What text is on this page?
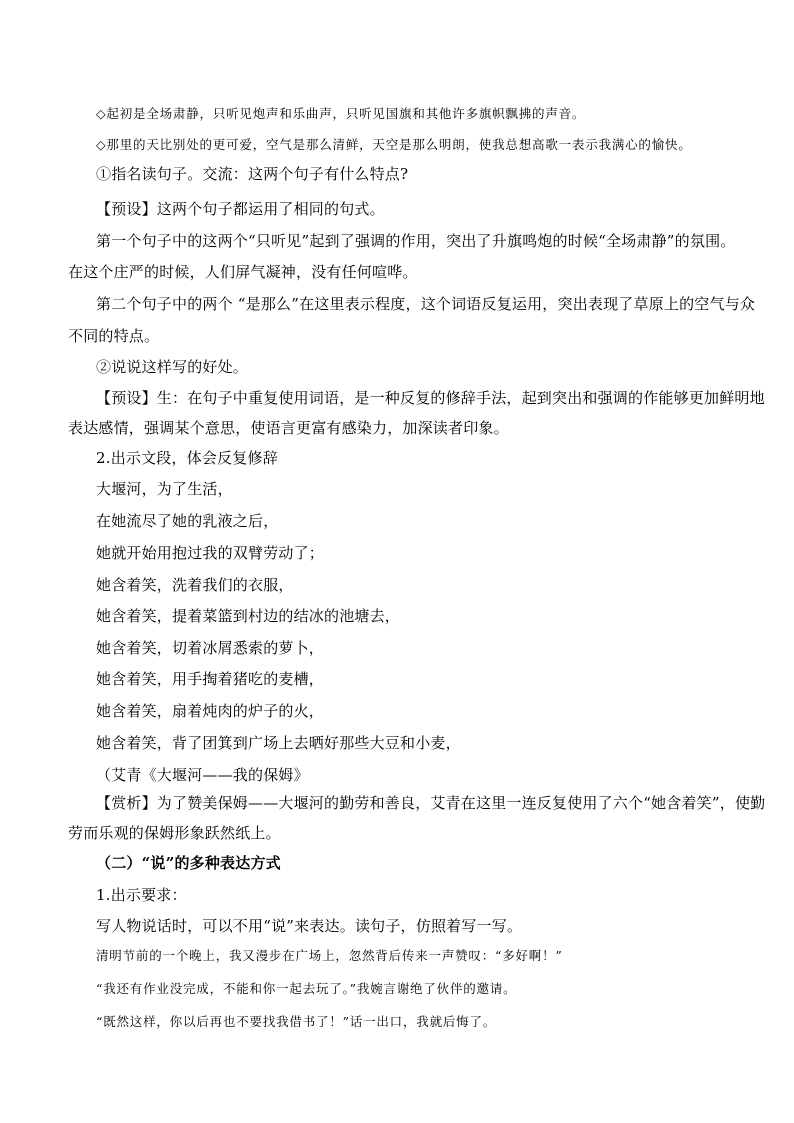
◇起初是全场肃静，只听见炮声和乐曲声，只听见国旗和其他许多旗帜飘拂的声音。
◇那里的天比别处的更可爱，空气是那么清鲜，天空是那么明朗，使我总想高歌一表示我满心的愉快。
①指名读句子。交流：这两个句子有什么特点?
【预设】这两个句子都运用了相同的句式。
第一个句子中的这两个“只听见”起到了强调的作用，突出了升旗鸣炮的时候“全场肃静”的氛围。
在这个庄严的时候，人们屏气凝神，没有任何喧哗。
第二个句子中的两个 “是那么”在这里表示程度，这个词语反复运用，突出表现了草原上的空气与众
不同的特点。
②说说这样写的好处。
【预设】生：在句子中重复使用词语，是一种反复的修辞手法，起到突出和强调的作能够更加鲜明地
表达感情，强调某个意思，使语言更富有感染力，加深读者印象。
2.出示文段，体会反复修辞
大堰河，为了生活，
在她流尽了她的乳液之后，
她就开始用抱过我的双臂劳动了；
她含着笑，洗着我们的衣服，
她含着笑，提着菜篮到村边的结冰的池塘去，
她含着笑，切着冰屑悉索的萝卜，
她含着笑，用手掏着猪吃的麦槽，
她含着笑，扇着炖肉的炉子的火，
她含着笑，背了团箕到广场上去晒好那些大豆和小麦，
（艾青《大堰河——我的保姆》
【赏析】为了赞美保姆——大堰河的勤劳和善良，艾青在这里一连反复使用了六个“她含着笑”，使勤
劳而乐观的保姆形象跃然纸上。
（二）“说”的多种表达方式
1.出示要求：
写人物说话时，可以不用“说”来表达。读句子，仿照着写一写。
清明节前的一个晚上，我又漫步在广场上，忽然背后传来一声赞叹：“多好啊！”
“我还有作业没完成，不能和你一起去玩了。”我婉言谢绝了伙伴的邀请。
“既然这样，你以后再也不要找我借书了！”话一出口，我就后悔了。
